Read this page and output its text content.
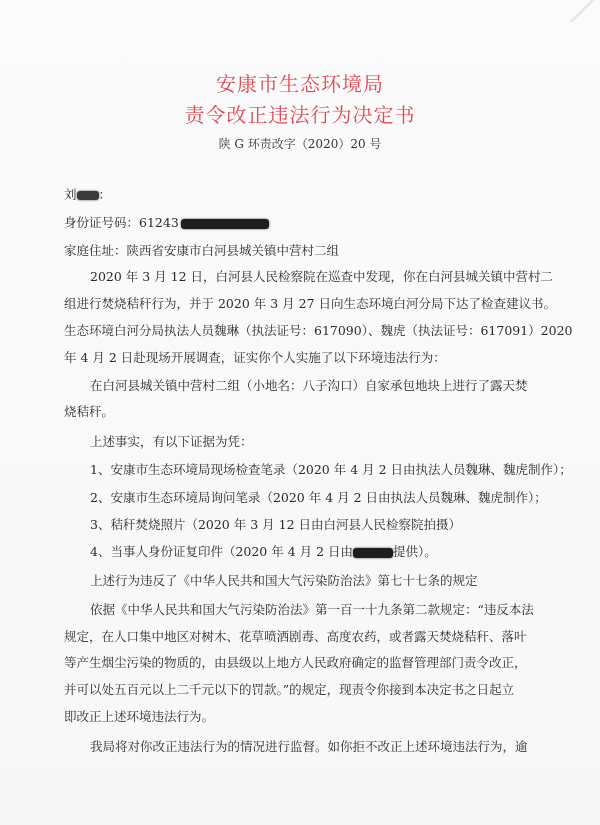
安康市生态环境局
责令改正违法行为决定书
陕 G 环责改字（2020）20 号
刘 ：
身份证号码：61243
家庭住址：陕西省安康市白河县城关镇中营村二组
2020 年 3 月 12 日，白河县人民检察院在巡查中发现，你在白河县城关镇中营村二
组进行焚烧秸秆行为，并于 2020 年 3 月 27 日向生态环境白河分局下达了检查建议书。
生态环境白河分局执法人员魏琳（执法证号：617090）、魏虎（执法证号：617091）2020
年 4 月 2 日赴现场开展调查，证实你个人实施了以下环境违法行为：
在白河县城关镇中营村二组（小地名：八子沟口）自家承包地块上进行了露天焚
烧秸秆。
上述事实，有以下证据为凭：
1、安康市生态环境局现场检查笔录（2020 年 4 月 2 日由执法人员魏琳、魏虎制作）；
2、安康市生态环境局询问笔录（2020 年 4 月 2 日由执法人员魏琳、魏虎制作）；
3、秸秆焚烧照片（2020 年 3 月 12 日由白河县人民检察院拍摄）
4、当事人身份证复印件（2020 年 4 月 2 日由	提供）。
上述行为违反了《中华人民共和国大气污染防治法》第七十七条的规定
依据《中华人民共和国大气污染防治法》第一百一十九条第二款规定：“违反本法
规定，在人口集中地区对树木、花草喷洒剧毒、高度农药，或者露天焚烧秸秆、落叶
等产生烟尘污染的物质的，由县级以上地方人民政府确定的监督管理部门责令改正，
并可以处五百元以上二千元以下的罚款。”的规定，现责令你接到本决定书之日起立
即改正上述环境违法行为。
我局将对你改正违法行为的情况进行监督。如你拒不改正上述环境违法行为，逾
